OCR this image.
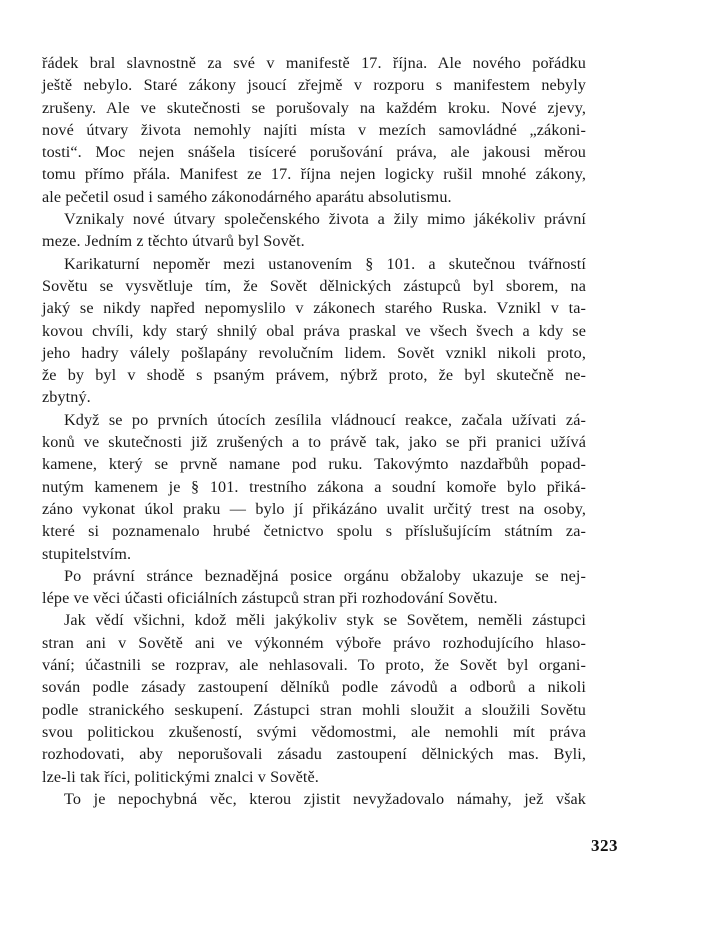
řádek bral slavnostně za své v manifestě 17. října. Ale nového pořádku
ještě nebylo. Staré zákony jsoucí zřejmě v rozporu s manifestem nebyly
zrušeny. Ale ve skutečnosti se porušovaly na každém kroku. Nové zjevy,
nové útvary života nemohly najíti místa v mezích samovládné „zákoni-
tosti“. Moc nejen snášela tisíceré porušování práva, ale jakousi měrou
tomu přímo přála. Manifest ze 17. října nejen logicky rušil mnohé zákony,
ale pečetil osud i samého zákonodárného aparátu absolutismu.

Vznikaly nové útvary společenského života a žily mimo jákékoliv právní
meze. Jedním z těchto útvarů byl Sovět.

Karikaturní nepoměr mezi ustanovením § 101. a skutečnou tvářností
Sovětu se vysvětluje tím, že Sovět dělnických zástupců byl sborem, na
jaký se nikdy napřed nepomyslilo v zákonech starého Ruska. Vznikl v ta-
kovou chvíli, kdy starý shnilý obal práva praskal ve všech švech a kdy se
jeho hadry válely pošlapány revolučním lidem. Sovět vznikl nikoli proto,
že by byl v shodě s psaným právem, nýbrž proto, že byl skutečně ne-
zbytný.

Když se po prvních útocích zesílila vládnoucí reakce, začala užívati zá-
konů ve skutečnosti již zrušených a to právě tak, jako se při pranici užívá
kamene, který se prvně namane pod ruku. Takovýmto nazdařbůh popad-
nutým kamenem je § 101. trestního zákona a soudní komoře bylo přiká-
záno vykonat úkol praku — bylo jí přikázáno uvalit určitý trest na osoby,
které si poznamenalo hrubé četnictvo spolu s příslušujícím státním za-
stupitelstvím.

Po právní stránce beznadějná posice orgánu obžaloby ukazuje se nej-
lépe ve věci účasti oficiálních zástupců stran při rozhodování Sovětu.

Jak vědí všichni, kdož měli jakýkoliv styk se Sovětem, neměli zástupci
stran ani v Sovětě ani ve výkonném výboře právo rozhodujícího hlaso-
vání; účastnili se rozprav, ale nehlasovali. To proto, že Sovět byl organi-
sován podle zásady zastoupení dělníků podle závodů a odborů a nikoli
podle stranického seskupení. Zástupci stran mohli sloužit a sloužili Sovětu
svou politickou zkušeností, svými vědomostmi, ale nemohli mít práva
rozhodovati, aby neporušovali zásadu zastoupení dělnických mas. Byli,
lze-li tak říci, politickými znalci v Sovětě.

To je nepochybná věc, kterou zjistit nevyžadovalo námahy, jež však

323
